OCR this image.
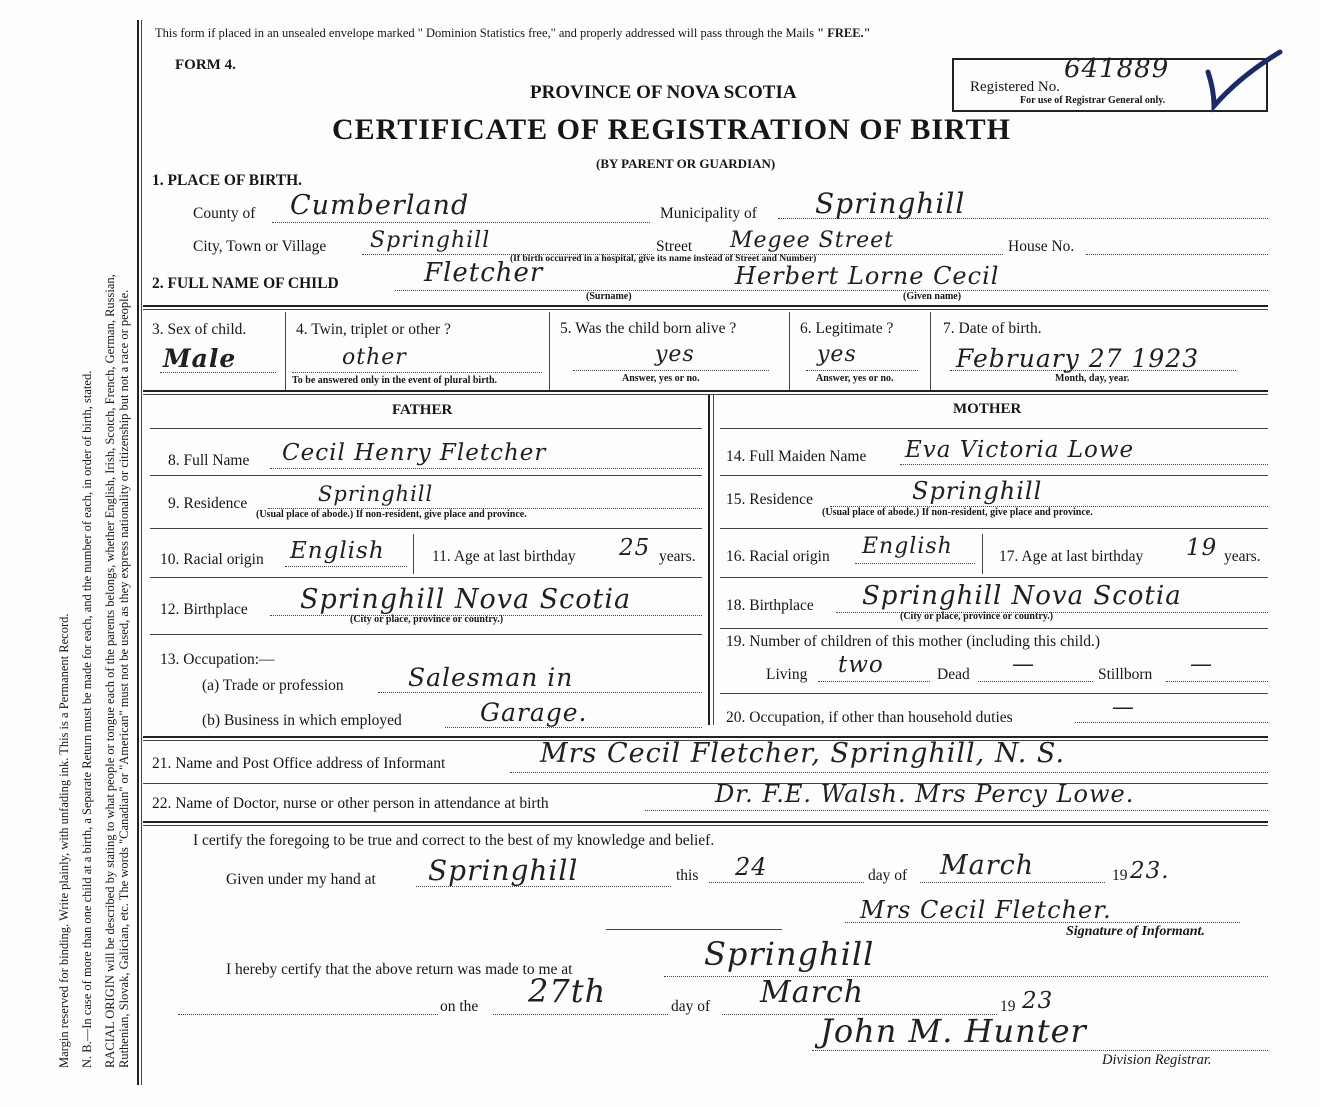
Margin reserved for binding. Write plainly, with unfading ink. This is a Permanent Record. N. B.—In case of more than one child at a birth, a Separate Return must be made for each, and the number of each, in order of birth, stated. RACIAL ORIGIN will be described by stating to what people or tongue each of the parents belongs, whether English, Irish, Scotch, French, German, Russian, Ruthenian, Slovak, Galician, etc. The words "Canadian" or "American" must not be used, as they express nationality or citizenship but not a race or people.
This form if placed in an unsealed envelope marked " Dominion Statistics free," and properly addressed will pass through the Mails " FREE."
FORM 4.
PROVINCE OF NOVA SCOTIA
CERTIFICATE OF REGISTRATION OF BIRTH
(BY PARENT OR GUARDIAN)
Registered No.
641889
For use of Registrar General only.
1. PLACE OF BIRTH.
County of Cumberland	Municipality of Springhill
City, Town or Village Springhill	Street Megee Street	House No.
(If birth occurred in a hospital, give its name instead of Street and Number)
2. FULL NAME OF CHILD	Fletcher	Herbert Lorne Cecil
(Surname)	(Given name)
3. Sex of child.
Male
4. Twin, triplet or other ?
other
To be answered only in the event of plural birth.
5. Was the child born alive ?
yes
Answer, yes or no.
6. Legitimate ?
yes
Answer, yes or no.
7. Date of birth.
February 27 1923
Month, day, year.
FATHER	MOTHER
8. Full Name Cecil Henry Fletcher
9. Residence	Springhill
(Usual place of abode.) If non-resident, give place and province.
10. Racial origin English	11. Age at last birthday 25 years.
12. Birthplace Springhill Nova Scotia
(City or place, province or country.)
13. Occupation:—
(a) Trade or profession	Salesman in
(b) Business in which employed	Garage.
14. Full Maiden Name Eva Victoria Lowe
15. Residence	Springhill
(Usual place of abode.) If non-resident, give place and province.
16. Racial origin English	17. Age at last birthday 19 years.
18. Birthplace Springhill Nova Scotia
(City or place, province or country.)
19. Number of children of this mother (including this child.)
Living two	Dead —	Stillborn —
20. Occupation, if other than household duties	—
21. Name and Post Office address of Informant	Mrs Cecil Fletcher, Springhill, N. S.
22. Name of Doctor, nurse or other person in attendance at birth	Dr. F.E. Walsh. Mrs Percy Lowe.
I certify the foregoing to be true and correct to the best of my knowledge and belief.
Given under my hand at Springhill	this 24	day of March	19 23.
Mrs Cecil Fletcher.
Signature of Informant.
I hereby certify that the above return was made to me at	Springhill
on the 27th	day of March	19 23
John M. Hunter
Division Registrar.
